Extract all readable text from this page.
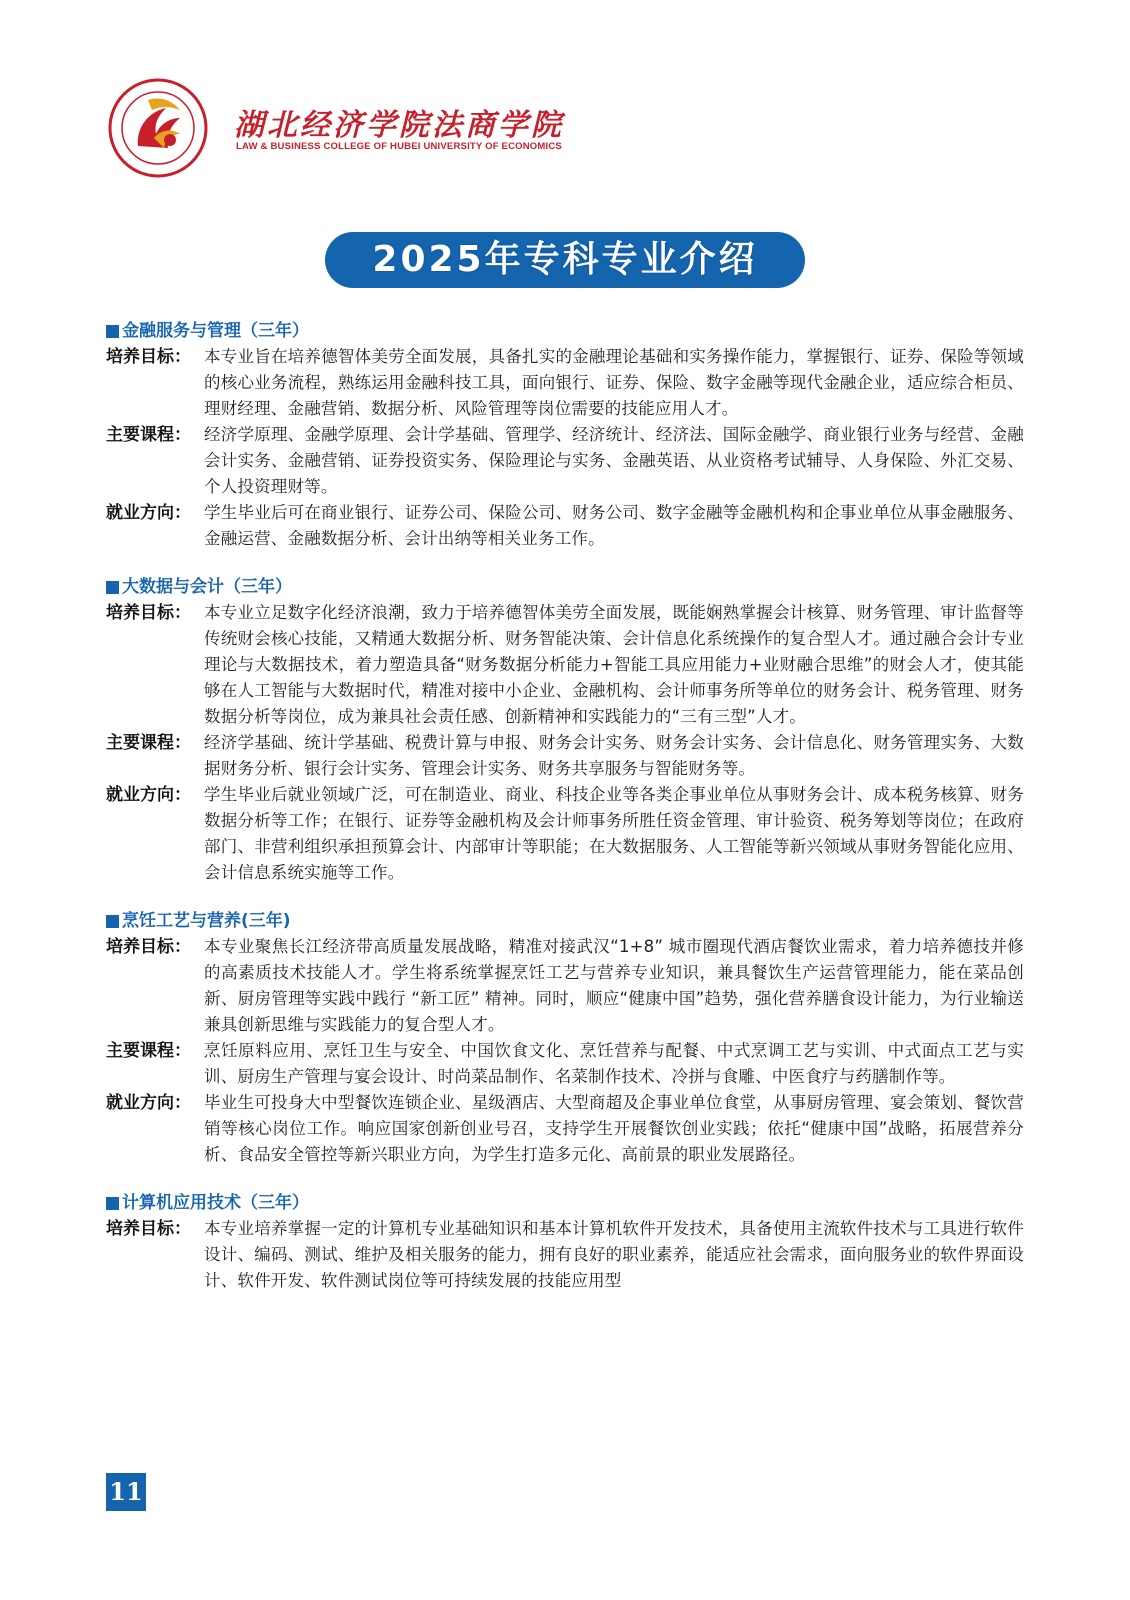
湖北经济学院法商学院
LAW & BUSINESS COLLEGE OF HUBEI UNIVERSITY OF ECONOMICS
2025年专科专业介绍
金融服务与管理（三年）
培养目标： 本专业旨在培养德智体美劳全面发展，具备扎实的金融理论基础和实务操作能力，掌握银行、证券、保险等领域的核心业务流程，熟练运用金融科技工具，面向银行、证券、保险、数字金融等现代金融企业，适应综合柜员、理财经理、金融营销、数据分析、风险管理等岗位需要的技能应用人才。
主要课程： 经济学原理、金融学原理、会计学基础、管理学、经济统计、经济法、国际金融学、商业银行业务与经营、金融会计实务、金融营销、证券投资实务、保险理论与实务、金融英语、从业资格考试辅导、人身保险、外汇交易、个人投资理财等。
就业方向： 学生毕业后可在商业银行、证券公司、保险公司、财务公司、数字金融等金融机构和企事业单位从事金融服务、金融运营、金融数据分析、会计出纳等相关业务工作。
大数据与会计（三年）
培养目标： 本专业立足数字化经济浪潮，致力于培养德智体美劳全面发展，既能娴熟掌握会计核算、财务管理、审计监督等传统财会核心技能，又精通大数据分析、财务智能决策、会计信息化系统操作的复合型人才。通过融合会计专业理论与大数据技术，着力塑造具备“财务数据分析能力+智能工具应用能力+业财融合思维”的财会人才，使其能够在人工智能与大数据时代，精准对接中小企业、金融机构、会计师事务所等单位的财务会计、税务管理、财务数据分析等岗位，成为兼具社会责任感、创新精神和实践能力的“三有三型”人才。
主要课程： 经济学基础、统计学基础、税费计算与申报、财务会计实务、财务会计实务、会计信息化、财务管理实务、大数据财务分析、银行会计实务、管理会计实务、财务共享服务与智能财务等。
就业方向： 学生毕业后就业领域广泛，可在制造业、商业、科技企业等各类企事业单位从事财务会计、成本税务核算、财务数据分析等工作；在银行、证券等金融机构及会计师事务所胜任资金管理、审计验资、税务筹划等岗位；在政府部门、非营利组织承担预算会计、内部审计等职能；在大数据服务、人工智能等新兴领域从事财务智能化应用、会计信息系统实施等工作。
烹饪工艺与营养(三年)
培养目标： 本专业聚焦长江经济带高质量发展战略，精准对接武汉“1+8” 城市圈现代酒店餐饮业需求，着力培养德技并修的高素质技术技能人才。学生将系统掌握烹饪工艺与营养专业知识，兼具餐饮生产运营管理能力，能在菜品创新、厨房管理等实践中践行 “新工匠” 精神。同时，顺应“健康中国”趋势，强化营养膳食设计能力，为行业输送兼具创新思维与实践能力的复合型人才。
主要课程： 烹饪原料应用、烹饪卫生与安全、中国饮食文化、烹饪营养与配餐、中式烹调工艺与实训、中式面点工艺与实训、厨房生产管理与宴会设计、时尚菜品制作、名菜制作技术、冷拼与食雕、中医食疗与药膳制作等。
就业方向： 毕业生可投身大中型餐饮连锁企业、星级酒店、大型商超及企事业单位食堂，从事厨房管理、宴会策划、餐饮营销等核心岗位工作。响应国家创新创业号召，支持学生开展餐饮创业实践；依托“健康中国”战略，拓展营养分析、食品安全管控等新兴职业方向，为学生打造多元化、高前景的职业发展路径。
计算机应用技术（三年）
培养目标： 本专业培养掌握一定的计算机专业基础知识和基本计算机软件开发技术，具备使用主流软件技术与工具进行软件设计、编码、测试、维护及相关服务的能力，拥有良好的职业素养，能适应社会需求，面向服务业的软件界面设计、软件开发、软件测试岗位等可持续发展的技能应用型
11
